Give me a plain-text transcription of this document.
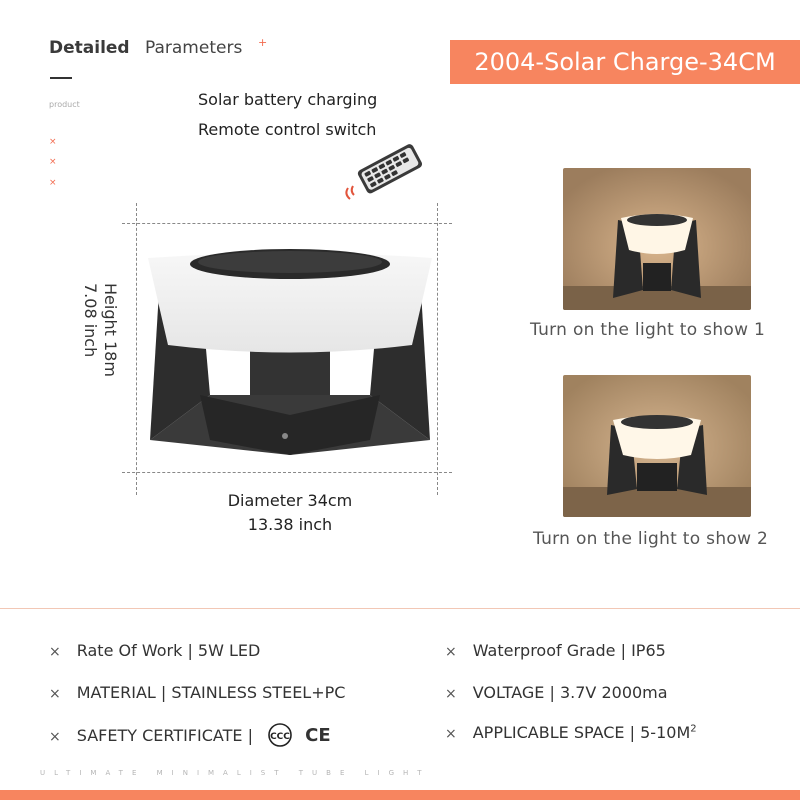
Detailed Parameters +
product
×
×
×
2004-Solar Charge-34CM
Solar battery charging
Remote control switch
Height 18m
7.08 inch
Diameter 34cm
13.38 inch
Turn on the light to show 1
Turn on the light to show 2
× Rate Of Work | 5W LED
× MATERIAL | STAINLESS STEEL+PC
× SAFETY CERTIFICATE | CCC CE
× Waterproof Grade | IP65
× VOLTAGE | 3.7V 2000ma
× APPLICABLE SPACE | $5-10M^2$
ULTIMATE MINIMALIST TUBE LIGHT
